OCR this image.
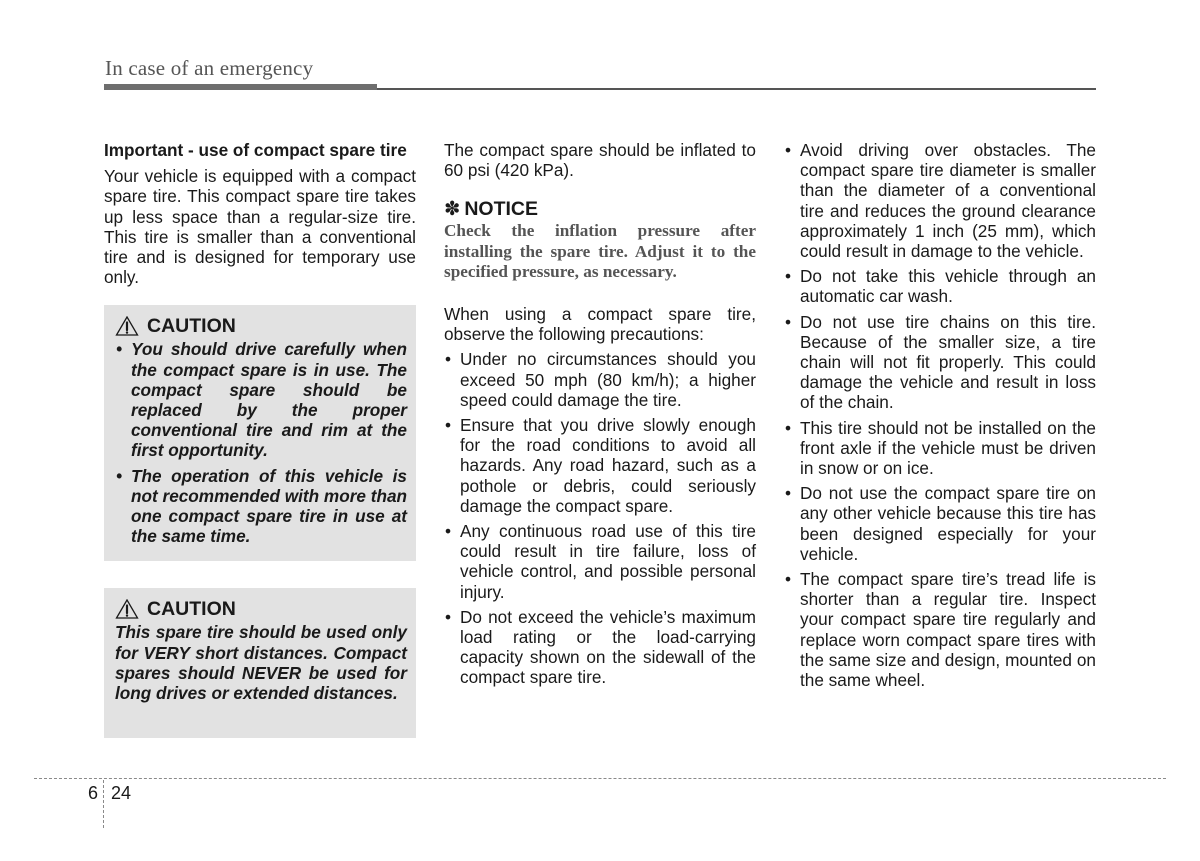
In case of an emergency

Important - use of compact spare tire

Your vehicle is equipped with a compact spare tire. This compact spare tire takes up less space than a regular-size tire. This tire is smaller than a conventional tire and is designed for temporary use only.

CAUTION
• You should drive carefully when the compact spare is in use. The compact spare should be replaced by the proper conventional tire and rim at the first opportunity.
• The operation of this vehicle is not recommended with more than one compact spare tire in use at the same time.
CAUTION

This spare tire should be used only for VERY short distances. Compact spares should NEVER be used for long drives or extended distances.

The compact spare should be inflated to 60 psi (420 kPa).

✽ NOTICE

Check the inflation pressure after installing the spare tire. Adjust it to the specified pressure, as necessary.

When using a compact spare tire, observe the following precautions:

• Under no circumstances should you exceed 50 mph (80 km/h); a higher speed could damage the tire.
• Ensure that you drive slowly enough for the road conditions to avoid all hazards. Any road hazard, such as a pothole or debris, could seriously damage the compact spare.
• Any continuous road use of this tire could result in tire failure, loss of vehicle control, and possible personal injury.
• Do not exceed the vehicle’s maximum load rating or the load-carrying capacity shown on the sidewall of the compact spare tire.
• Avoid driving over obstacles. The compact spare tire diameter is smaller than the diameter of a conventional tire and reduces the ground clearance approximately 1 inch (25 mm), which could result in damage to the vehicle.
• Do not take this vehicle through an automatic car wash.
• Do not use tire chains on this tire. Because of the smaller size, a tire chain will not fit properly. This could damage the vehicle and result in loss of the chain.
• This tire should not be installed on the front axle if the vehicle must be driven in snow or on ice.
• Do not use the compact spare tire on any other vehicle because this tire has been designed especially for your vehicle.
• The compact spare tire’s tread life is shorter than a regular tire. Inspect your compact spare tire regularly and replace worn compact spare tires with the same size and design, mounted on the same wheel.
6 24
